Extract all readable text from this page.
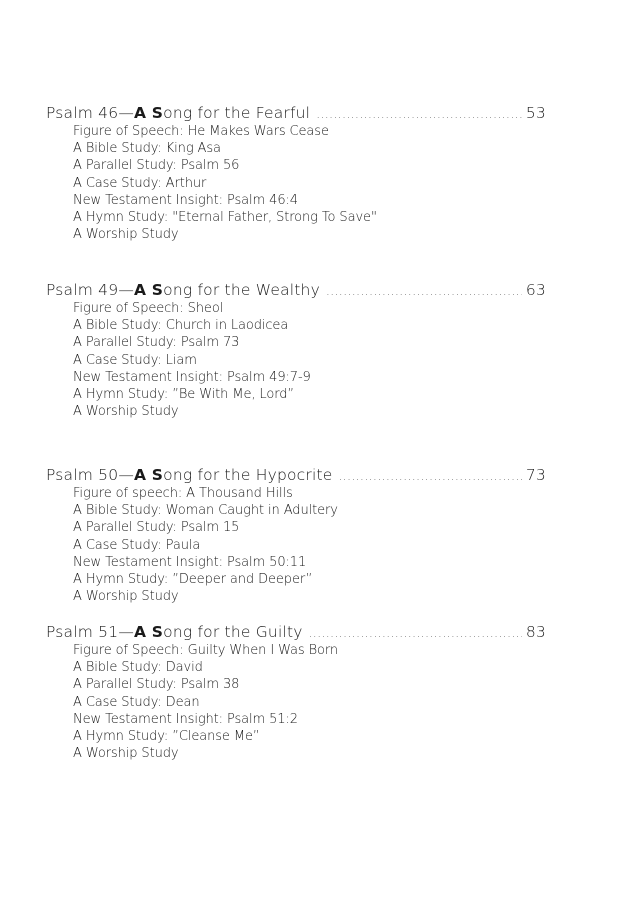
Psalm 46—A Song for the Fearful .....	53
Figure of Speech: He Makes Wars Cease
A Bible Study: King Asa
A Parallel Study: Psalm 56
A Case Study: Arthur
New Testament Insight: Psalm 46:4
A Hymn Study: "Eternal Father, Strong To Save"
A Worship Study
Psalm 49—A Song for the Wealthy .....	63
Figure of Speech: Sheol
A Bible Study: Church in Laodicea
A Parallel Study: Psalm 73
A Case Study: Liam
New Testament Insight: Psalm 49:7-9
A Hymn Study: ”Be With Me, Lord”
A Worship Study
Psalm 50—A Song for the Hypocrite .....	73
Figure of speech: A Thousand Hills
A Bible Study: Woman Caught in Adultery
A Parallel Study: Psalm 15
A Case Study: Paula
New Testament Insight: Psalm 50:11
A Hymn Study: ”Deeper and Deeper”
A Worship Study
Psalm 51—A Song for the Guilty .....	83
Figure of Speech: Guilty When I Was Born
A Bible Study: David
A Parallel Study: Psalm 38
A Case Study: Dean
New Testament Insight: Psalm 51:2
A Hymn Study: ”Cleanse Me”
A Worship Study
